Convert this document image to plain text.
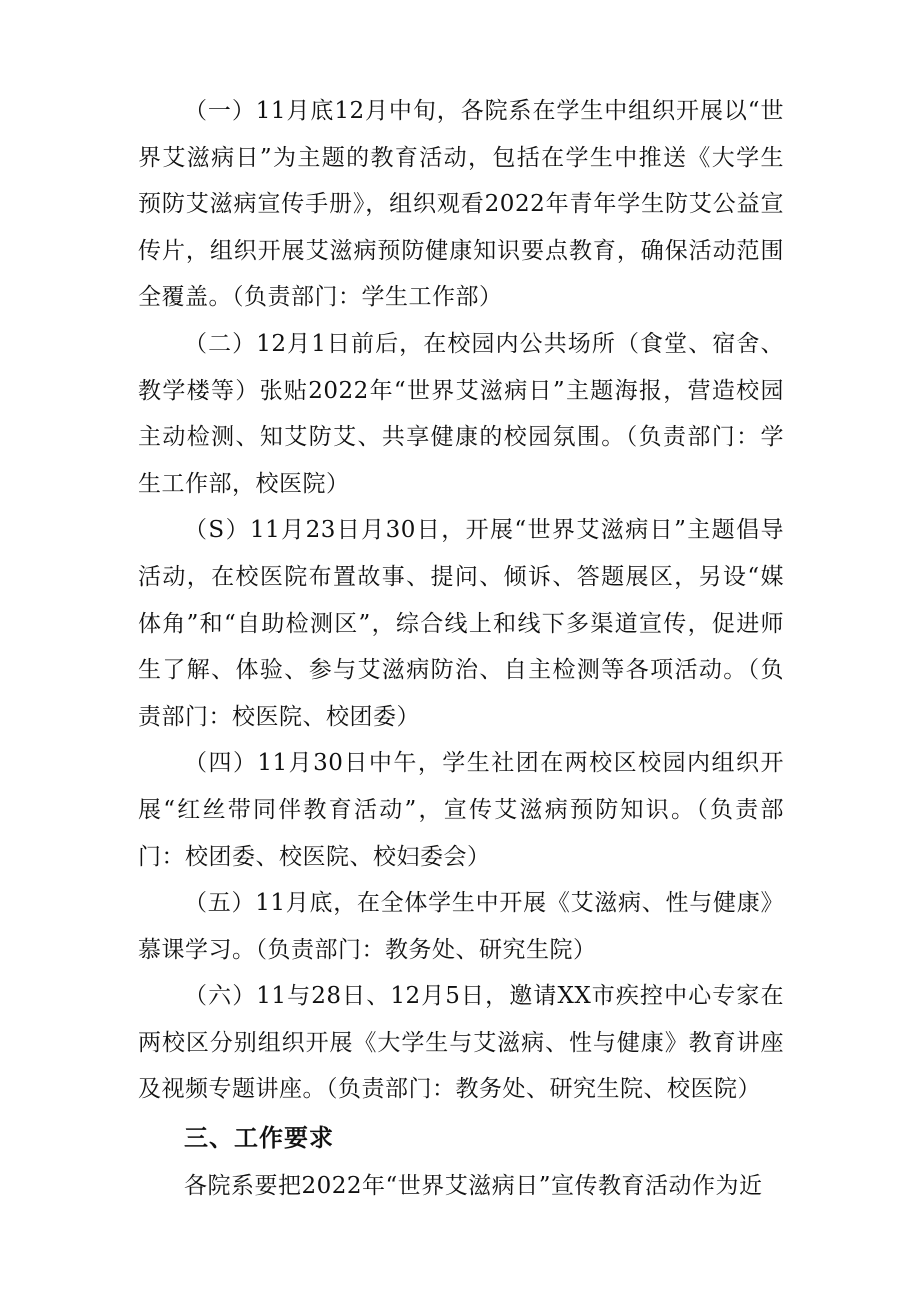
（一）11月底12月中旬，各院系在学生中组织开展以“世界艾滋病日”为主题的教育活动，包括在学生中推送《大学生预防艾滋病宣传手册》，组织观看2022年青年学生防艾公益宣传片，组织开展艾滋病预防健康知识要点教育，确保活动范围全覆盖。（负责部门：学生工作部）

（二）12月1日前后，在校园内公共场所（食堂、宿舍、教学楼等）张贴2022年“世界艾滋病日”主题海报，营造校园主动检测、知艾防艾、共享健康的校园氛围。（负责部门：学生工作部，校医院）

（S）11月23日月30日，开展“世界艾滋病日”主题倡导活动，在校医院布置故事、提问、倾诉、答题展区，另设“媒体角”和“自助检测区”，综合线上和线下多渠道宣传，促进师生了解、体验、参与艾滋病防治、自主检测等各项活动。（负责部门：校医院、校团委）

（四）11月30日中午，学生社团在两校区校园内组织开展“红丝带同伴教育活动”，宣传艾滋病预防知识。（负责部门：校团委、校医院、校妇委会）

（五）11月底，在全体学生中开展《艾滋病、性与健康》慕课学习。（负责部门：教务处、研究生院）

（六）11与28日、12月5日，邀请XX市疾控中心专家在两校区分别组织开展《大学生与艾滋病、性与健康》教育讲座及视频专题讲座。（负责部门：教务处、研究生院、校医院）

三、工作要求

各院系要把2022年“世界艾滋病日”宣传教育活动作为近
